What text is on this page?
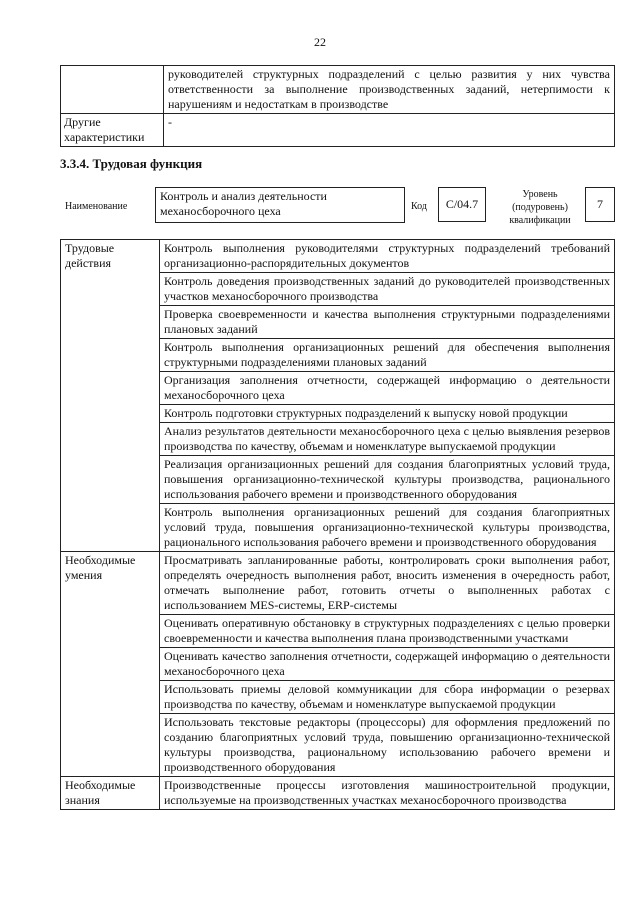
22
	руководителей структурных подразделений с целью развития у них чувства ответственности за выполнение производственных заданий, нетерпимости к нарушениям и недостаткам в производстве
Другие характеристики	-
3.3.4. Трудовая функция
Наименование
Контроль и анализ деятельности механосборочного цеха	Код	C/04.7
Уровень (подуровень) квалификации
7
Трудовые действия	Контроль выполнения руководителями структурных подразделений требований организационно-распорядительных документов
	Контроль доведения производственных заданий до руководителей производственных участков механосборочного производства
	Проверка своевременности и качества выполнения структурными подразделениями плановых заданий
	Контроль выполнения организационных решений для обеспечения выполнения структурными подразделениями плановых заданий
	Организация заполнения отчетности, содержащей информацию о деятельности механосборочного цеха
	Контроль подготовки структурных подразделений к выпуску новой продукции
	Анализ результатов деятельности механосборочного цеха с целью выявления резервов производства по качеству, объемам и номенклатуре выпускаемой продукции
	Реализация организационных решений для создания благоприятных условий труда, повышения организационно-технической культуры производства, рационального использования рабочего времени и производственного оборудования
	Контроль выполнения организационных решений для создания благоприятных условий труда, повышения организационно-технической культуры производства, рационального использования рабочего времени и производственного оборудования
Необходимые умения	Просматривать запланированные работы, контролировать сроки выполнения работ, определять очередность выполнения работ, вносить изменения в очередность работ, отмечать выполнение работ, готовить отчеты о выполненных работах с использованием MES-системы, ERP-системы
	Оценивать оперативную обстановку в структурных подразделениях с целью проверки своевременности и качества выполнения плана производственными участками
	Оценивать качество заполнения отчетности, содержащей информацию о деятельности механосборочного цеха
	Использовать приемы деловой коммуникации для сбора информации о резервах производства по качеству, объемам и номенклатуре выпускаемой продукции
	Использовать текстовые редакторы (процессоры) для оформления предложений по созданию благоприятных условий труда, повышению организационно-технической культуры производства, рациональному использованию рабочего времени и производственного оборудования
Необходимые знания	Производственные процессы изготовления машиностроительной продукции, используемые на производственных участках механосборочного производства
